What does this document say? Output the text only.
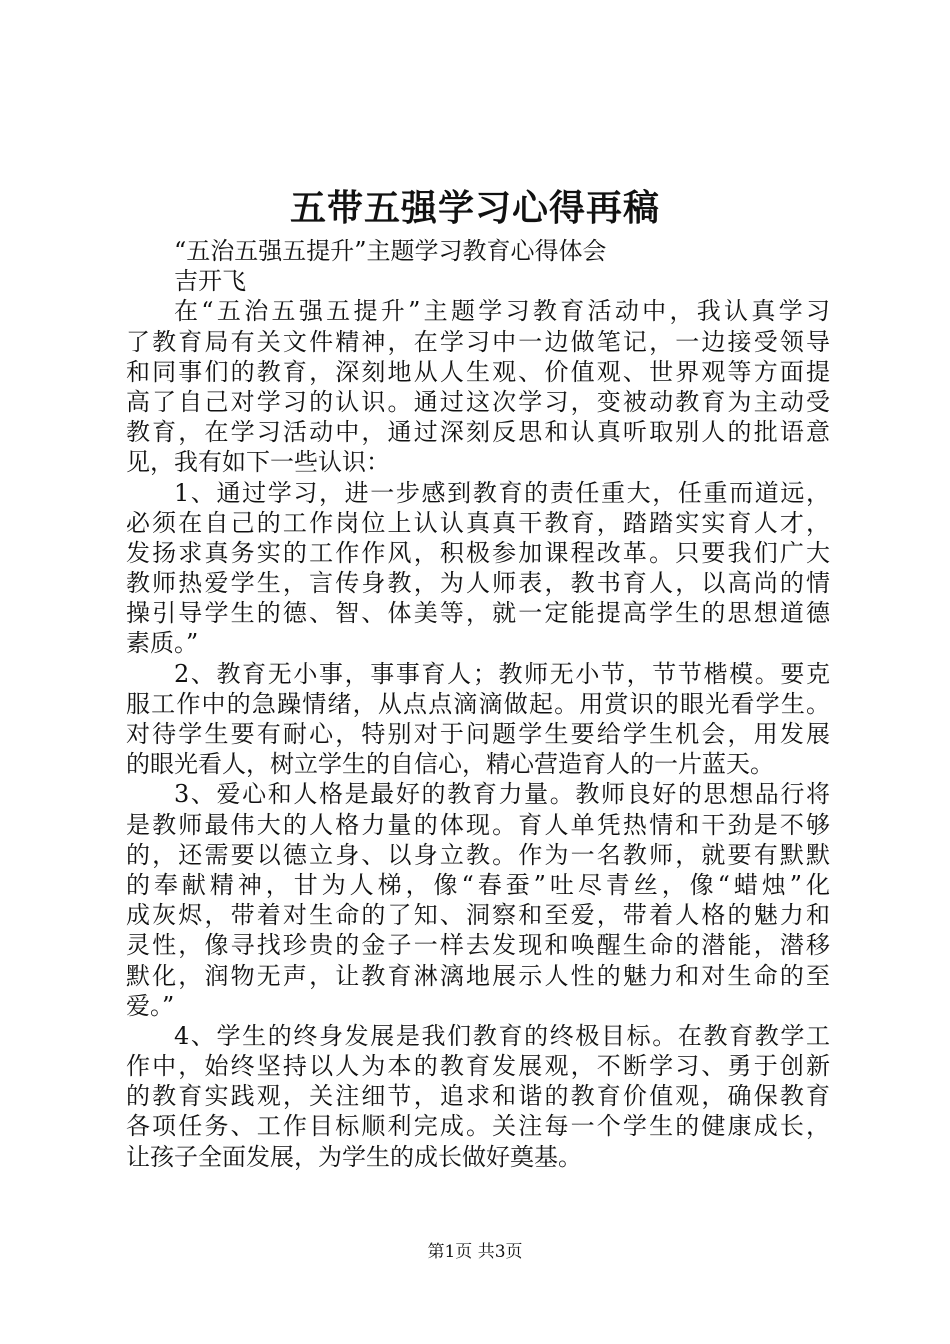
五带五强学习心得再稿
“五治五强五提升”主题学习教育心得体会
吉开飞
在“五治五强五提升”主题学习教育活动中，我认真学习
了教育局有关文件精神，在学习中一边做笔记，一边接受领导
和同事们的教育，深刻地从人生观、价值观、世界观等方面提
高了自己对学习的认识。通过这次学习，变被动教育为主动受
教育，在学习活动中，通过深刻反思和认真听取别人的批语意
见，我有如下一些认识：
1、通过学习，进一步感到教育的责任重大，任重而道远，
必须在自己的工作岗位上认认真真干教育，踏踏实实育人才，
发扬求真务实的工作作风，积极参加课程改革。只要我们广大
教师热爱学生，言传身教，为人师表，教书育人，以高尚的情
操引导学生的德、智、体美等，就一定能提高学生的思想道德
素质。”
2、教育无小事，事事育人；教师无小节，节节楷模。要克
服工作中的急躁情绪，从点点滴滴做起。用赏识的眼光看学生。
对待学生要有耐心，特别对于问题学生要给学生机会，用发展
的眼光看人，树立学生的自信心，精心营造育人的一片蓝天。
3、爱心和人格是最好的教育力量。教师良好的思想品行将
是教师最伟大的人格力量的体现。育人单凭热情和干劲是不够
的，还需要以德立身、以身立教。作为一名教师，就要有默默
的奉献精神，甘为人梯，像“春蚕”吐尽青丝，像“蜡烛”化
成灰烬，带着对生命的了知、洞察和至爱，带着人格的魅力和
灵性，像寻找珍贵的金子一样去发现和唤醒生命的潜能，潜移
默化，润物无声，让教育淋漓地展示人性的魅力和对生命的至
爱。”
4、学生的终身发展是我们教育的终极目标。在教育教学工
作中，始终坚持以人为本的教育发展观，不断学习、勇于创新
的教育实践观，关注细节，追求和谐的教育价值观，确保教育
各项任务、工作目标顺利完成。关注每一个学生的健康成长，
让孩子全面发展，为学生的成长做好奠基。
第1页 共3页
